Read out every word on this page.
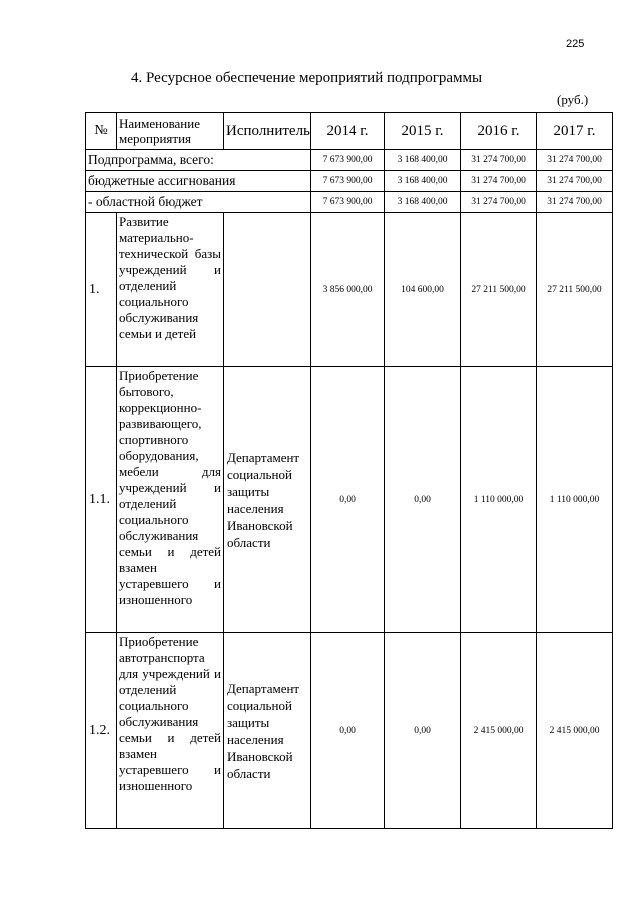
225
4. Ресурсное обеспечение мероприятий подпрограммы
(руб.)
№	Наименование мероприятия	Исполнитель	2014 г.	2015 г.	2016 г.	2017 г.
Подпрограмма, всего:			7 673 900,00	3 168 400,00	31 274 700,00	31 274 700,00
бюджетные ассигнования			7 673 900,00	3 168 400,00	31 274 700,00	31 274 700,00
- областной бюджет			7 673 900,00	3 168 400,00	31 274 700,00	31 274 700,00
1.	Развитие материально-технической базы учреждений и отделений социального обслуживания семьи и детей		3 856 000,00	104 600,00	27 211 500,00	27 211 500,00
1.1.	Приобретение бытового, коррекционно-развивающего, спортивного оборудования, мебели для учреждений и отделений социального обслуживания семьи и детей взамен устаревшего и изношенного	Департамент социальной защиты населения Ивановской области	0,00	0,00	1 110 000,00	1 110 000,00
1.2.	Приобретение автотранспорта для учреждений и отделений социального обслуживания семьи и детей взамен устаревшего и изношенного	Департамент социальной защиты населения Ивановской области	0,00	0,00	2 415 000,00	2 415 000,00
